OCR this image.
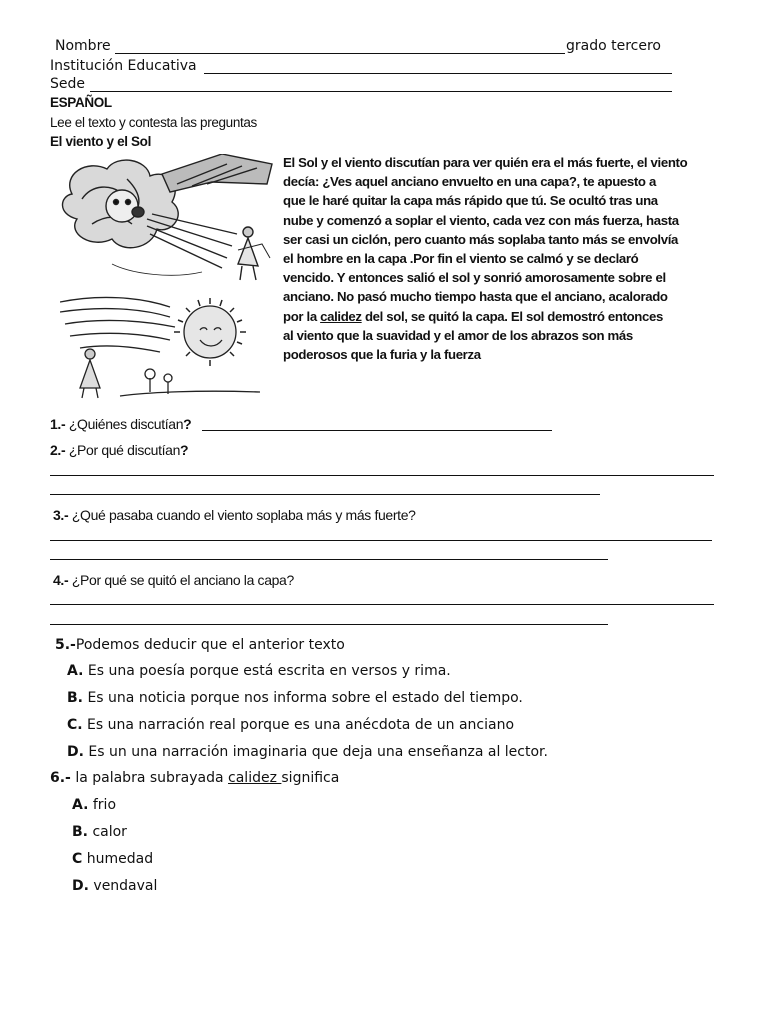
Nombre	grado tercero
Institución Educativa
Sede
ESPAÑOL
Lee el texto y contesta las preguntas
El viento y el Sol
El Sol y el viento discutían para ver quién era el más fuerte, el viento
decía: ¿Ves aquel anciano envuelto en una capa?, te apuesto a
que le haré quitar la capa más rápido que tú. Se ocultó tras una
nube y comenzó a soplar el viento, cada vez con más fuerza, hasta
ser casi un ciclón, pero cuanto más soplaba tanto más se envolvía
el hombre en la capa .Por fin el viento se calmó y se declaró
vencido. Y entonces salió el sol y sonrió amorosamente sobre el
anciano. No pasó mucho tiempo hasta que el anciano, acalorado
por la calidez del sol, se quitó la capa. El sol demostró entonces
al viento que la suavidad y el amor de los abrazos son más
poderosos que la furia y la fuerza
1.- ¿Quiénes discutían?
2.- ¿Por qué discutían?
3.- ¿Qué pasaba cuando el viento soplaba más y más fuerte?
4.- ¿Por qué se quitó el anciano la capa?
5.-Podemos deducir que el anterior texto
A. Es una poesía porque está escrita en versos y rima.
B. Es una noticia porque nos informa sobre el estado del tiempo.
C. Es una narración real porque es una anécdota de un anciano
D. Es un una narración imaginaria que deja una enseñanza al lector.
6.- la palabra subrayada calidez significa
A. frio
B. calor
C humedad
D. vendaval
